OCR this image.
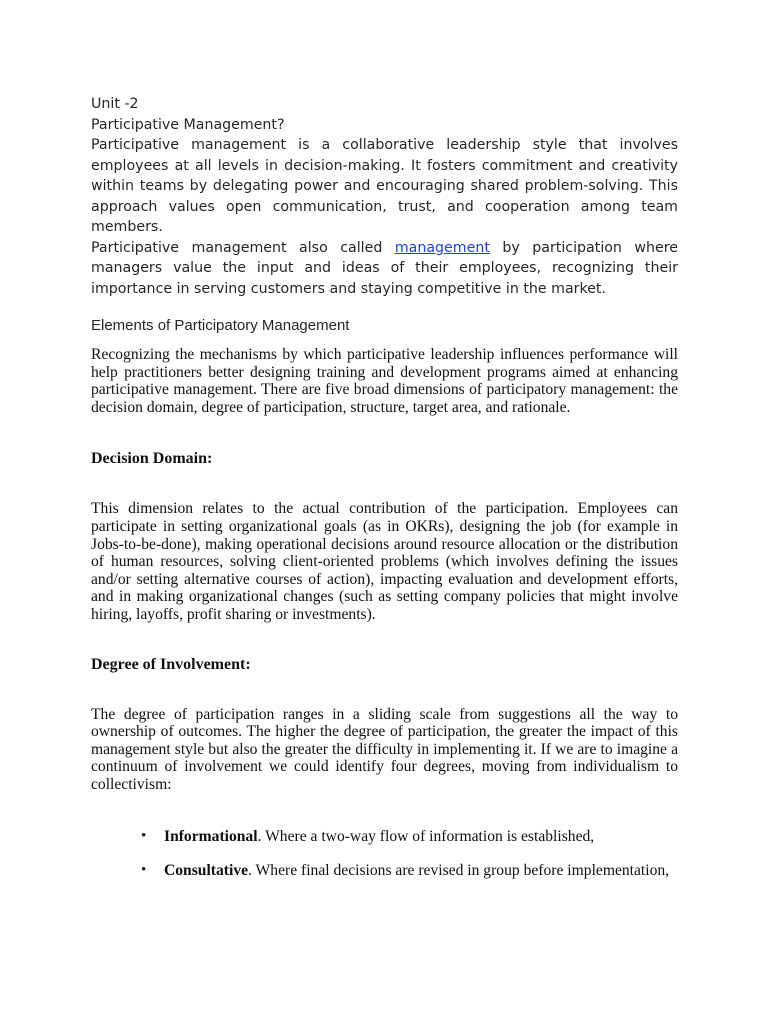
Unit -2

Participative Management?

Participative management is a collaborative leadership style that involves employees at all levels in decision-making. It fosters commitment and creativity within teams by delegating power and encouraging shared problem-solving. This approach values open communication, trust, and cooperation among team members.

Participative management also called management by participation where managers value the input and ideas of their employees, recognizing their importance in serving customers and staying competitive in the market.

Elements of Participatory Management

Recognizing the mechanisms by which participative leadership influences performance will help practitioners better designing training and development programs aimed at enhancing participative management. There are five broad dimensions of participatory management: the decision domain, degree of participation, structure, target area, and rationale.

Decision Domain:

This dimension relates to the actual contribution of the participation. Employees can participate in setting organizational goals (as in OKRs), designing the job (for example in Jobs-to-be-done), making operational decisions around resource allocation or the distribution of human resources, solving client-oriented problems (which involves defining the issues and/or setting alternative courses of action), impacting evaluation and development efforts, and in making organizational changes (such as setting company policies that might involve hiring, layoffs, profit sharing or investments).

Degree of Involvement:

The degree of participation ranges in a sliding scale from suggestions all the way to ownership of outcomes. The higher the degree of participation, the greater the impact of this management style but also the greater the difficulty in implementing it. If we are to imagine a continuum of involvement we could identify four degrees, moving from individualism to collectivism:

• Informational. Where a two-way flow of information is established,
• Consultative. Where final decisions are revised in group before implementation,
